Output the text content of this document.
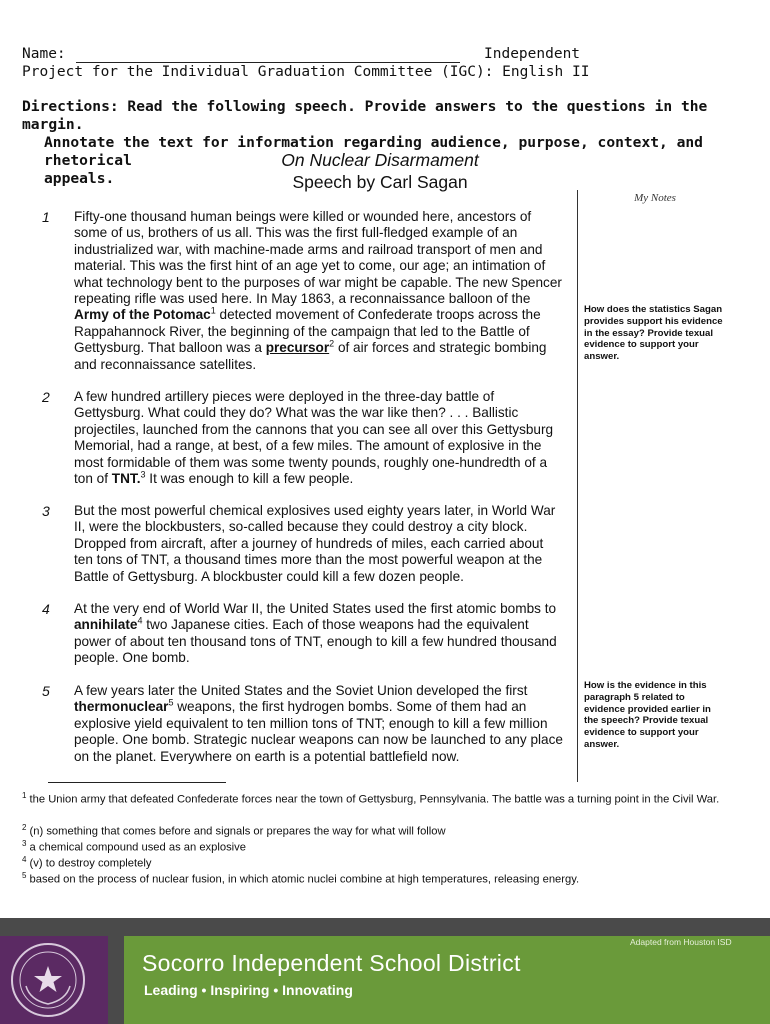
Name:	Independent
Project for the Individual Graduation Committee (IGC): English II
Directions: Read the following speech. Provide answers to the questions in the margin.
Annotate the text for information regarding audience, purpose, context, and rhetorical
appeals.
On Nuclear Disarmament
Speech by Carl Sagan
My Notes
1 Fifty-one thousand human beings were killed or wounded here, ancestors of some of us, brothers of us all. This was the first full-fledged example of an industrialized war, with machine-made arms and railroad transport of men and material. This was the first hint of an age yet to come, our age; an intimation of what technology bent to the purposes of war might be capable. The new Spencer repeating rifle was used here. In May 1863, a reconnaissance balloon of the Army of the Potomac$^1$ detected movement of Confederate troops across the Rappahannock River, the beginning of the campaign that led to the Battle of Gettysburg. That balloon was a precursor$^2$ of air forces and strategic bombing and reconnaissance satellites.
How does the statistics Sagan provides support his evidence in the essay? Provide texual evidence to support your answer.
2 A few hundred artillery pieces were deployed in the three-day battle of Gettysburg. What could they do? What was the war like then? . . . Ballistic projectiles, launched from the cannons that you can see all over this Gettysburg Memorial, had a range, at best, of a few miles. The amount of explosive in the most formidable of them was some twenty pounds, roughly one-hundredth of a ton of TNT.$^3$ It was enough to kill a few people.
3 But the most powerful chemical explosives used eighty years later, in World War II, were the blockbusters, so-called because they could destroy a city block. Dropped from aircraft, after a journey of hundreds of miles, each carried about ten tons of TNT, a thousand times more than the most powerful weapon at the Battle of Gettysburg. A blockbuster could kill a few dozen people.
4 At the very end of World War II, the United States used the first atomic bombs to annihilate$^4$ two Japanese cities. Each of those weapons had the equivalent power of about ten thousand tons of TNT, enough to kill a few hundred thousand people. One bomb.
5 A few years later the United States and the Soviet Union developed the first thermonuclear$^5$ weapons, the first hydrogen bombs. Some of them had an explosive yield equivalent to ten million tons of TNT; enough to kill a few million people. One bomb. Strategic nuclear weapons can now be launched to any place on the planet. Everywhere on earth is a potential battlefield now.
How is the evidence in this paragraph 5 related to evidence provided earlier in the speech? Provide texual evidence to support your answer.
$^1$ the Union army that defeated Confederate forces near the town of Gettysburg, Pennsylvania. The battle was a turning point in the Civil War.
$^2$ (n) something that comes before and signals or prepares the way for what will follow
$^3$ a chemical compound used as an explosive
$^4$ (v) to destroy completely
$^5$ based on the process of nuclear fusion, in which atomic nuclei combine at high temperatures, releasing energy.
Adapted from Houston ISD
Socorro Independent School District
Leading • Inspiring • Innovating
